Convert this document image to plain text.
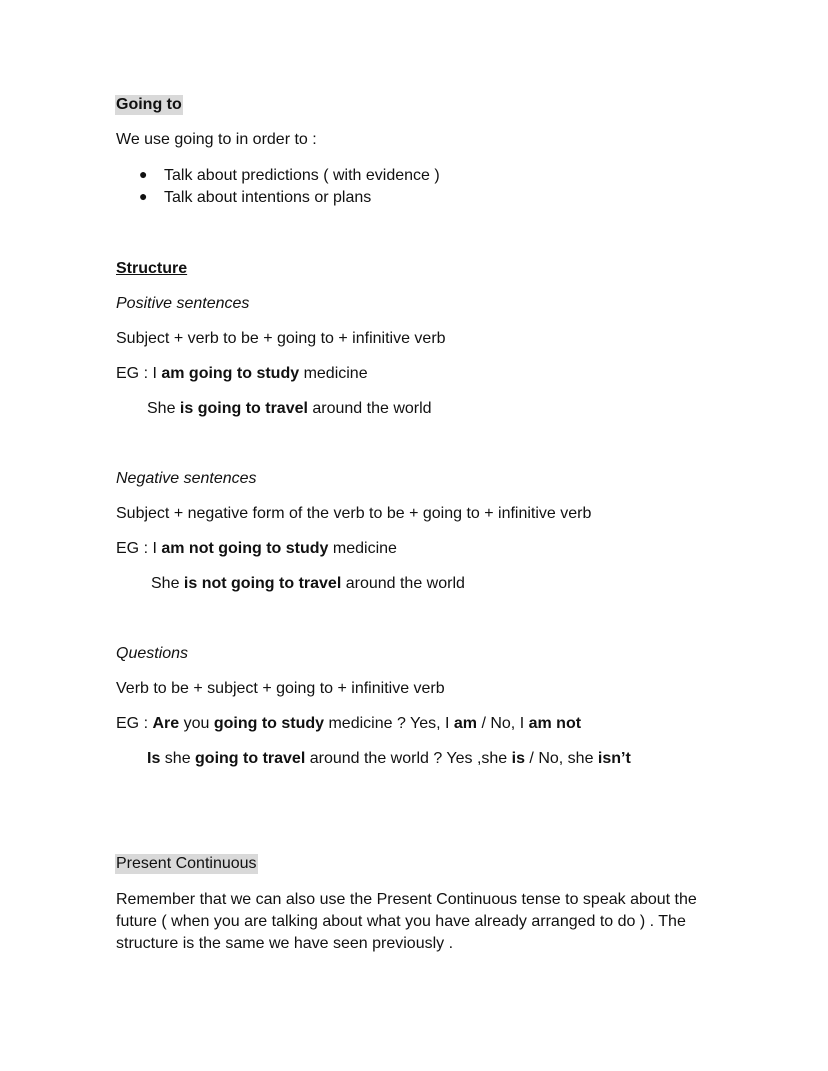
Going to
We use going to in order to :
● Talk about predictions ( with evidence )
● Talk about intentions or plans
Structure
Positive sentences
Subject + verb to be + going to + infinitive verb
EG : I am going to study medicine
She is going to travel around the world
Negative sentences
Subject + negative form of the verb to be + going to + infinitive verb
EG : I am not going to study medicine
She is not going to travel around the world
Questions
Verb to be + subject + going to + infinitive verb
EG : Are you going to study medicine ? Yes, I am / No, I am not
Is she going to travel around the world ? Yes ,she is / No, she isn’t
Present Continuous
Remember that we can also use the Present Continuous tense to speak about the future ( when you are talking about what you have already arranged to do ) . The structure is the same we have seen previously .
